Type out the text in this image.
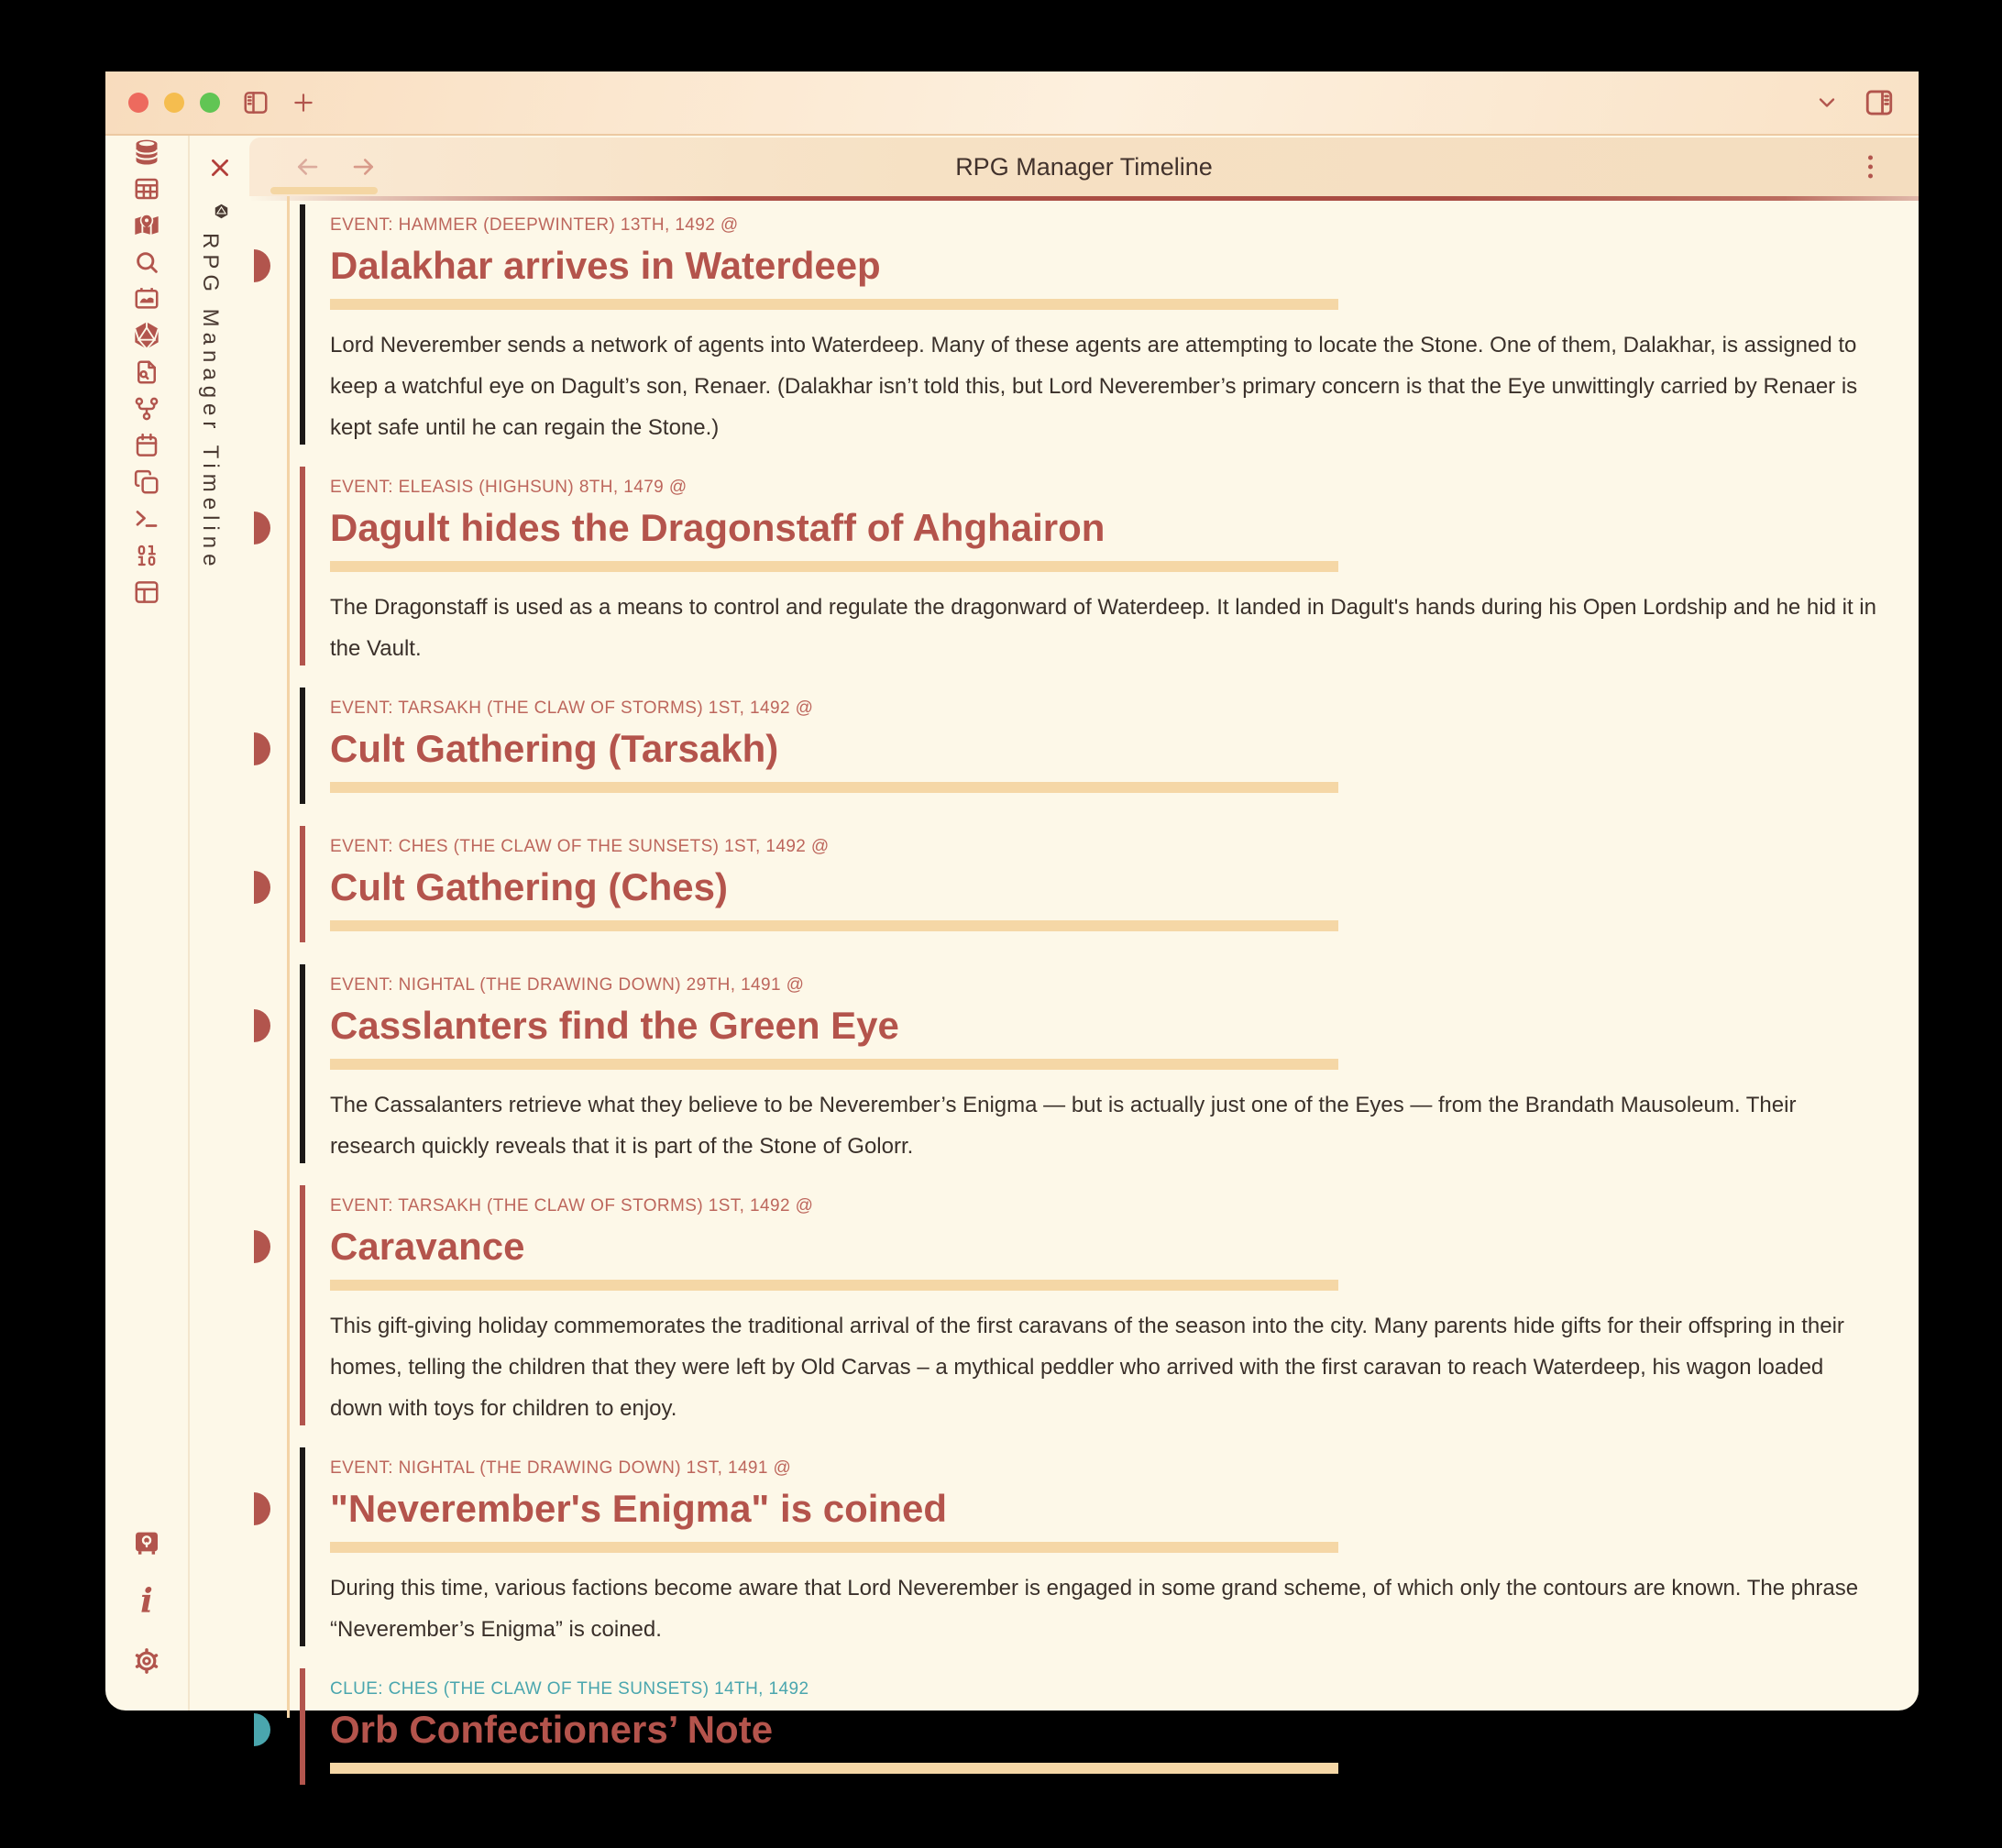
i
RPG Manager Timeline
RPG Manager Timeline
EVENT: HAMMER (DEEPWINTER) 13TH, 1492 @
Dalakhar arrives in Waterdeep

Lord Neverember sends a network of agents into Waterdeep. Many of these agents are attempting to locate the Stone. One of them, Dalakhar, is assigned to keep a watchful eye on Dagult’s son, Renaer. (Dalakhar isn’t told this, but Lord Neverember’s primary concern is that the Eye unwittingly carried by Renaer is kept safe until he can regain the Stone.)

EVENT: ELEASIS (HIGHSUN) 8TH, 1479 @
Dagult hides the Dragonstaff of Ahghairon

The Dragonstaff is used as a means to control and regulate the dragonward of Waterdeep. It landed in Dagult's hands during his Open Lordship and he hid it in the Vault.

EVENT: TARSAKH (THE CLAW OF STORMS) 1ST, 1492 @
Cult Gathering (Tarsakh)
EVENT: CHES (THE CLAW OF THE SUNSETS) 1ST, 1492 @
Cult Gathering (Ches)
EVENT: NIGHTAL (THE DRAWING DOWN) 29TH, 1491 @
Casslanters find the Green Eye

The Cassalanters retrieve what they believe to be Neverember’s Enigma — but is actually just one of the Eyes — from the Brandath Mausoleum. Their research quickly reveals that it is part of the Stone of Golorr.

EVENT: TARSAKH (THE CLAW OF STORMS) 1ST, 1492 @
Caravance

This gift-giving holiday commemorates the traditional arrival of the first caravans of the season into the city. Many parents hide gifts for their offspring in their homes, telling the children that they were left by Old Carvas – a mythical peddler who arrived with the first caravan to reach Waterdeep, his wagon loaded down with toys for children to enjoy.

EVENT: NIGHTAL (THE DRAWING DOWN) 1ST, 1491 @
"Neverember's Enigma" is coined

During this time, various factions become aware that Lord Neverember is engaged in some grand scheme, of which only the contours are known. The phrase “Neverember’s Enigma” is coined.

CLUE: CHES (THE CLAW OF THE SUNSETS) 14TH, 1492
Orb Confectioners’ Note
